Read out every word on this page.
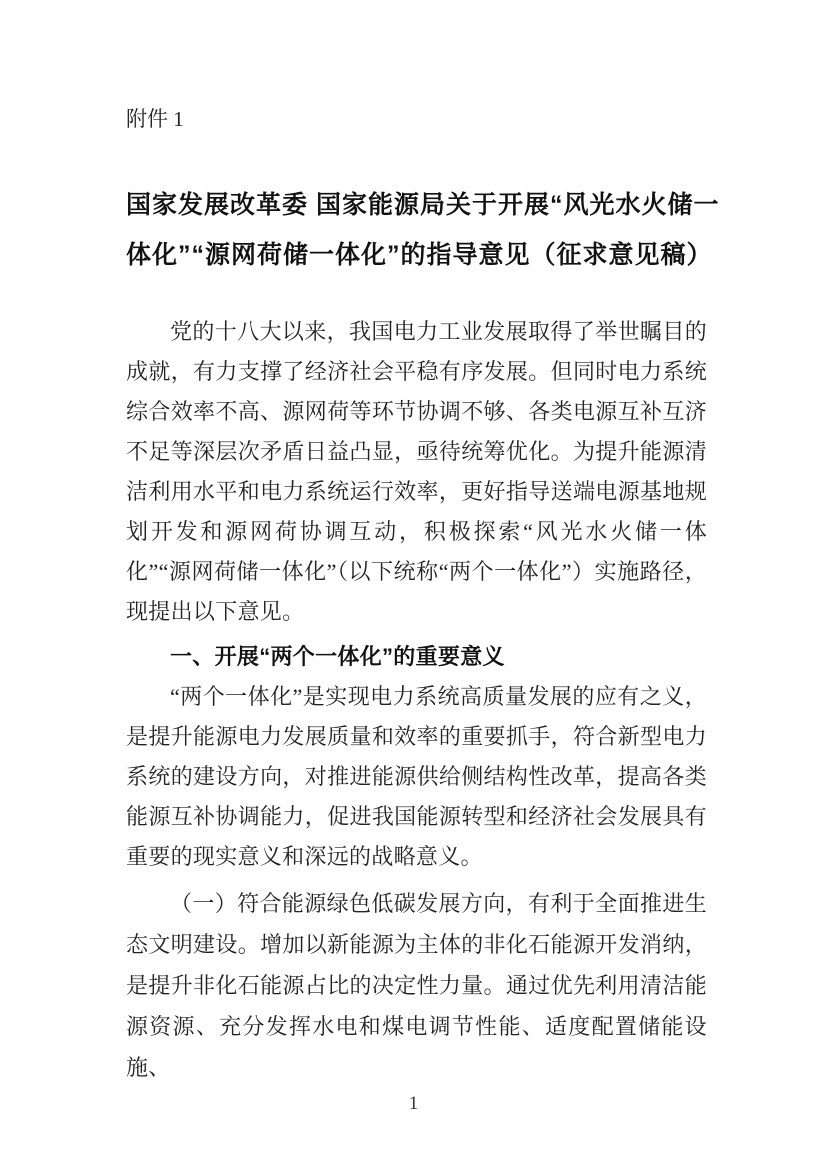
附件 1
国家发展改革委 国家能源局关于开展“风光水火储一
体化”“源网荷储一体化”的指导意见（征求意见稿）

党的十八大以来，我国电力工业发展取得了举世瞩目的成就，有力支撑了经济社会平稳有序发展。但同时电力系统综合效率不高、源网荷等环节协调不够、各类电源互补互济不足等深层次矛盾日益凸显，亟待统筹优化。为提升能源清洁利用水平和电力系统运行效率，更好指导送端电源基地规划开发和源网荷协调互动，积极探索“风光水火储一体化”“源网荷储一体化”（以下统称“两个一体化”）实施路径，现提出以下意见。

一、开展“两个一体化”的重要意义

“两个一体化”是实现电力系统高质量发展的应有之义，是提升能源电力发展质量和效率的重要抓手，符合新型电力系统的建设方向，对推进能源供给侧结构性改革，提高各类能源互补协调能力，促进我国能源转型和经济社会发展具有重要的现实意义和深远的战略意义。

（一）符合能源绿色低碳发展方向，有利于全面推进生态文明建设。增加以新能源为主体的非化石能源开发消纳，是提升非化石能源占比的决定性力量。通过优先利用清洁能源资源、充分发挥水电和煤电调节性能、适度配置储能设施、

1
